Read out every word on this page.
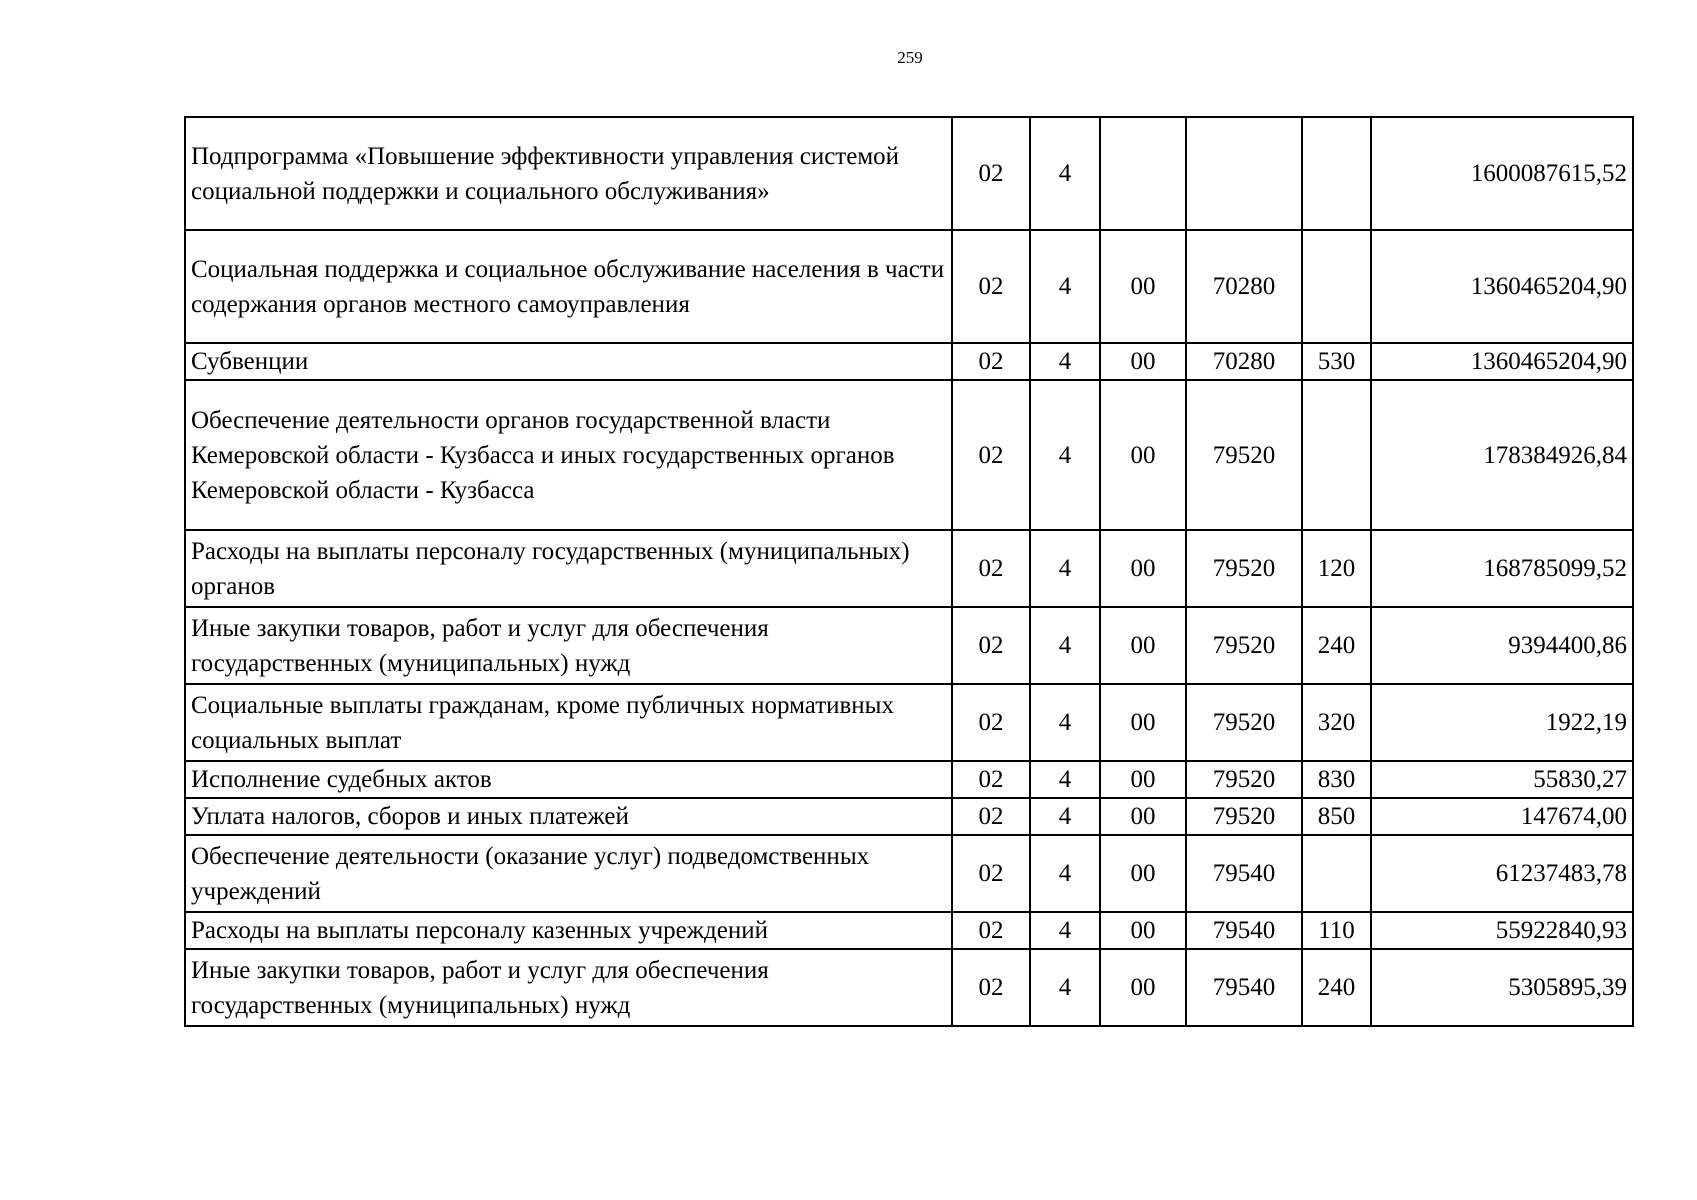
259
Подпрограмма «Повышение эффективности управления системой социальной поддержки и социального обслуживания»	02	4				1600087615,52
Социальная поддержка и социальное обслуживание населения в части содержания органов местного самоуправления	02	4	00	70280		1360465204,90
Субвенции	02	4	00	70280	530	1360465204,90
Обеспечение деятельности органов государственной власти Кемеровской области - Кузбасса и иных государственных органов Кемеровской области - Кузбасса	02	4	00	79520		178384926,84
Расходы на выплаты персоналу государственных (муниципальных) органов	02	4	00	79520	120	168785099,52
Иные закупки товаров, работ и услуг для обеспечения государственных (муниципальных) нужд	02	4	00	79520	240	9394400,86
Социальные выплаты гражданам, кроме публичных нормативных социальных выплат	02	4	00	79520	320	1922,19
Исполнение судебных актов	02	4	00	79520	830	55830,27
Уплата налогов, сборов и иных платежей	02	4	00	79520	850	147674,00
Обеспечение деятельности (оказание услуг) подведомственных учреждений	02	4	00	79540		61237483,78
Расходы на выплаты персоналу казенных учреждений	02	4	00	79540	110	55922840,93
Иные закупки товаров, работ и услуг для обеспечения государственных (муниципальных) нужд	02	4	00	79540	240	5305895,39
